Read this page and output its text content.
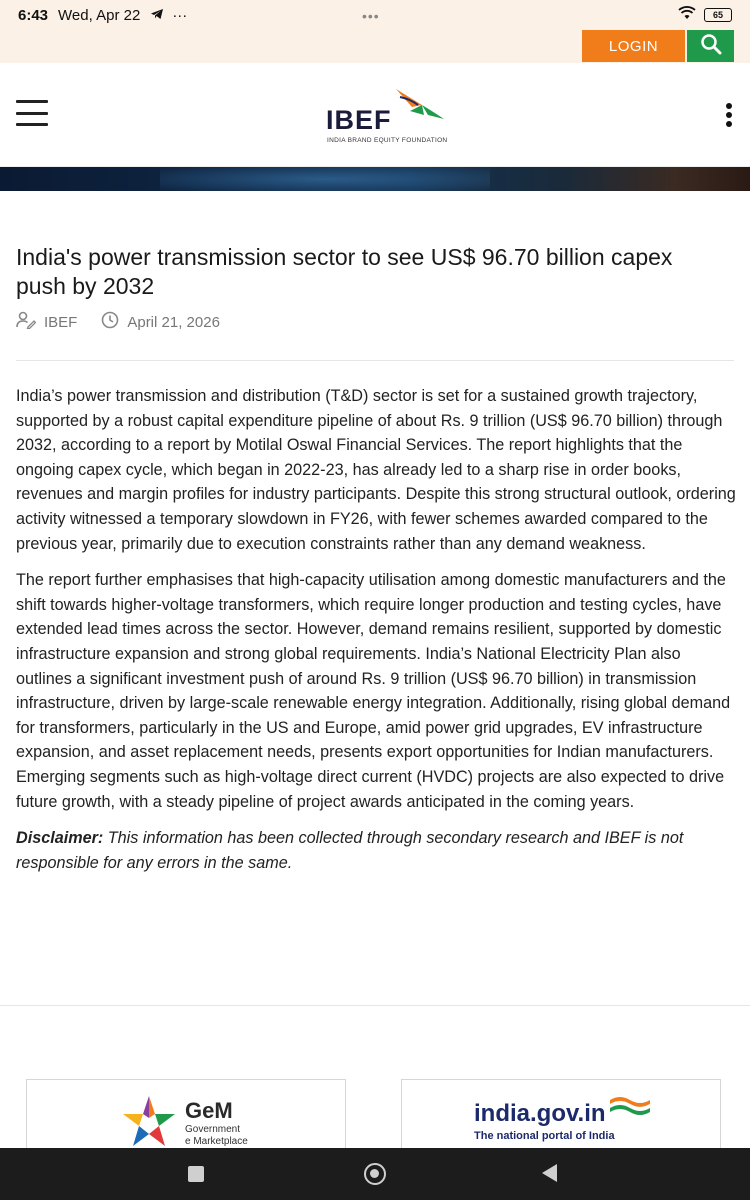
6:43 Wed, Apr 22 ···	•••	65
LOGIN
IBEF
INDIA BRAND EQUITY FOUNDATION
India's power transmission sector to see US$ 96.70 billion capex push by 2032
IBEF	April 21, 2026

India’s power transmission and distribution (T&D) sector is set for a sustained growth trajectory, supported by a robust capital expenditure pipeline of about Rs. 9 trillion (US$ 96.70 billion) through 2032, according to a report by Motilal Oswal Financial Services. The report highlights that the ongoing capex cycle, which began in 2022-23, has already led to a sharp rise in order books, revenues and margin profiles for industry participants. Despite this strong structural outlook, ordering activity witnessed a temporary slowdown in FY26, with fewer schemes awarded compared to the previous year, primarily due to execution constraints rather than any demand weakness.

The report further emphasises that high-capacity utilisation among domestic manufacturers and the shift towards higher-voltage transformers, which require longer production and testing cycles, have extended lead times across the sector. However, demand remains resilient, supported by domestic infrastructure expansion and strong global requirements. India’s National Electricity Plan also outlines a significant investment push of around Rs. 9 trillion (US$ 96.70 billion) in transmission infrastructure, driven by large-scale renewable energy integration. Additionally, rising global demand for transformers, particularly in the US and Europe, amid power grid upgrades, EV infrastructure expansion, and asset replacement needs, presents export opportunities for Indian manufacturers. Emerging segments such as high-voltage direct current (HVDC) projects are also expected to drive future growth, with a steady pipeline of project awards anticipated in the coming years.

Disclaimer: This information has been collected through secondary research and IBEF is not responsible for any errors in the same.

GeM
Government
e Marketplace
india.gov.in
The national portal of India
